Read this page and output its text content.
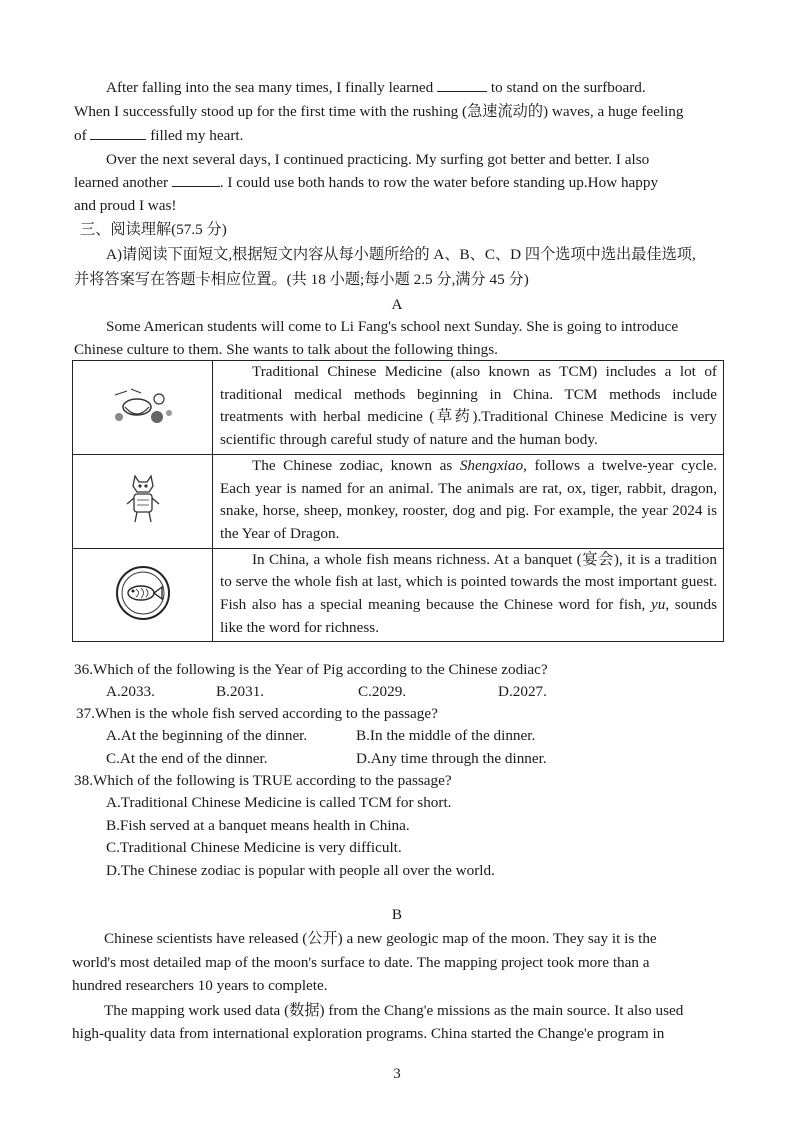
After falling into the sea many times, I finally learned	to stand on the surfboard.
When I successfully stood up for the first time with the rushing (急速流动的) waves, a huge feeling
of	filled my heart.
Over the next several days, I continued practicing. My surfing got better and better. I also
learned another	. I could use both hands to row the water before standing up.How happy
and proud I was!
三、阅读理解(57.5 分)
A)请阅读下面短文,根据短文内容从每小题所给的 A、B、C、D 四个选项中选出最佳选项,
并将答案写在答题卡相应位置。(共 18 小题;每小题 2.5 分,满分 45 分)
A
Some American students will come to Li Fang's school next Sunday. She is going to introduce
Chinese culture to them. She wants to talk about the following things.
	Traditional Chinese Medicine (also known as TCM) includes a lot of traditional medical methods beginning in China. TCM methods include treatments with herbal medicine (草药).Traditional Chinese Medicine is very scientific through careful study of nature and the human body.
	The Chinese zodiac, known as Shengxiao, follows a twelve-year cycle. Each year is named for an animal. The animals are rat, ox, tiger, rabbit, dragon, snake, horse, sheep, monkey, rooster, dog and pig. For example, the year 2024 is the Year of Dragon.
	In China, a whole fish means richness. At a banquet (宴会), it is a tradition to serve the whole fish at last, which is pointed towards the most important guest. Fish also has a special meaning because the Chinese word for fish, yu, sounds like the word for richness.
36.Which of the following is the Year of Pig according to the Chinese zodiac?
A.2033.	B.2031.	C.2029.	D.2027.
37.When is the whole fish served according to the passage?
A.At the beginning of the dinner.	B.In the middle of the dinner.
C.At the end of the dinner.	D.Any time through the dinner.
38.Which of the following is TRUE according to the passage?
A.Traditional Chinese Medicine is called TCM for short.
B.Fish served at a banquet means health in China.
C.Traditional Chinese Medicine is very difficult.
D.The Chinese zodiac is popular with people all over the world.
B
Chinese scientists have released (公开) a new geologic map of the moon. They say it is the
world's most detailed map of the moon's surface to date. The mapping project took more than a
hundred researchers 10 years to complete.
The mapping work used data (数据) from the Chang'e missions as the main source. It also used
high-quality data from international exploration programs. China started the Change'e program in
3
